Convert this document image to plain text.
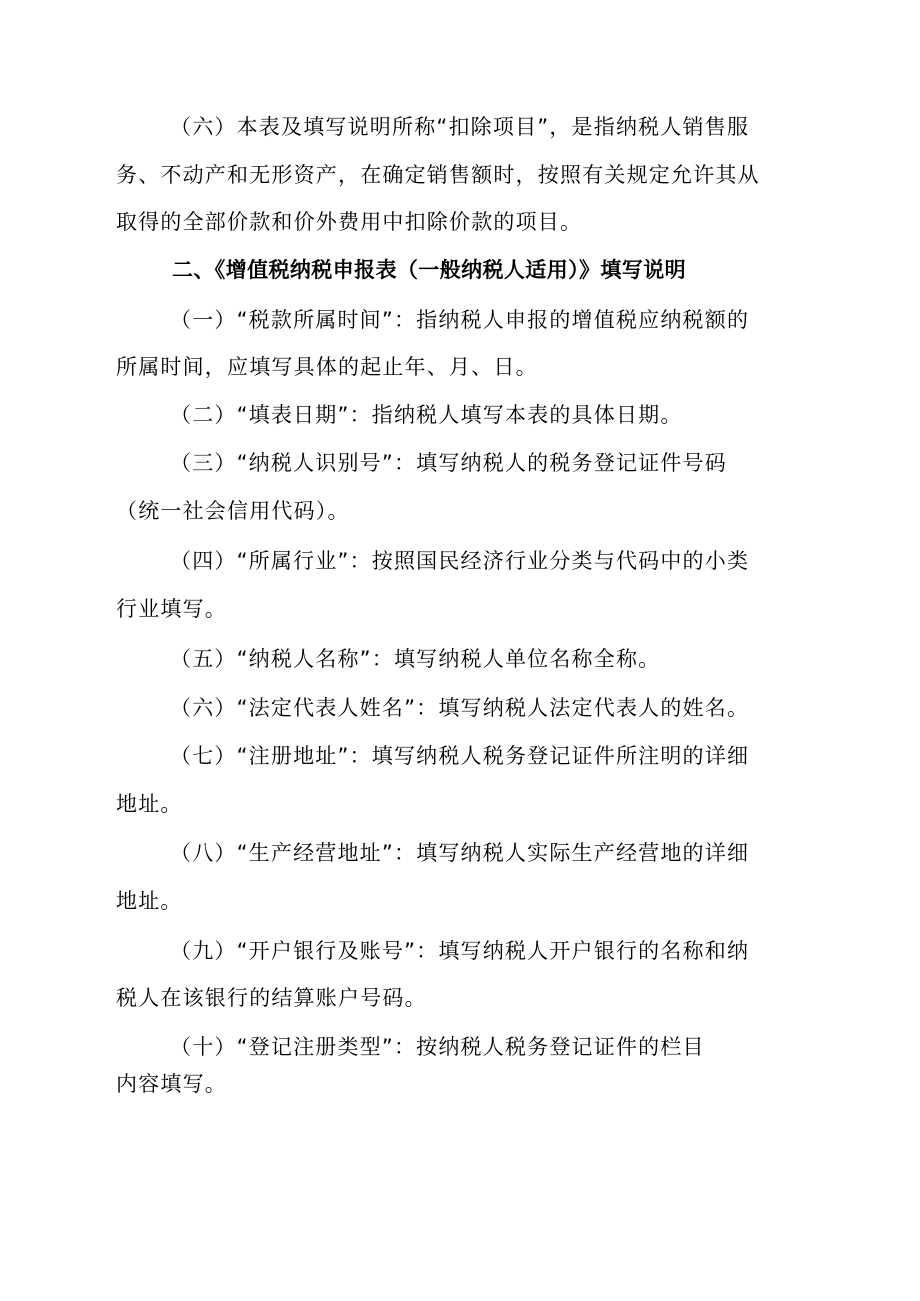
（六）本表及填写说明所称“扣除项目”，是指纳税人销售服
务、不动产和无形资产，在确定销售额时，按照有关规定允许其从
取得的全部价款和价外费用中扣除价款的项目。
二、《增值税纳税申报表（一般纳税人适用）》填写说明
（一）“税款所属时间”：指纳税人申报的增值税应纳税额的
所属时间，应填写具体的起止年、月、日。
（二）“填表日期”：指纳税人填写本表的具体日期。
（三）“纳税人识别号”：填写纳税人的税务登记证件号码
（统一社会信用代码）。
（四）“所属行业”：按照国民经济行业分类与代码中的小类
行业填写。
（五）“纳税人名称”：填写纳税人单位名称全称。
（六）“法定代表人姓名”：填写纳税人法定代表人的姓名。
（七）“注册地址”：填写纳税人税务登记证件所注明的详细
地址。
（八）“生产经营地址”：填写纳税人实际生产经营地的详细
地址。
（九）“开户银行及账号”：填写纳税人开户银行的名称和纳
税人在该银行的结算账户号码。
（十）“登记注册类型”：按纳税人税务登记证件的栏目
内容填写。
